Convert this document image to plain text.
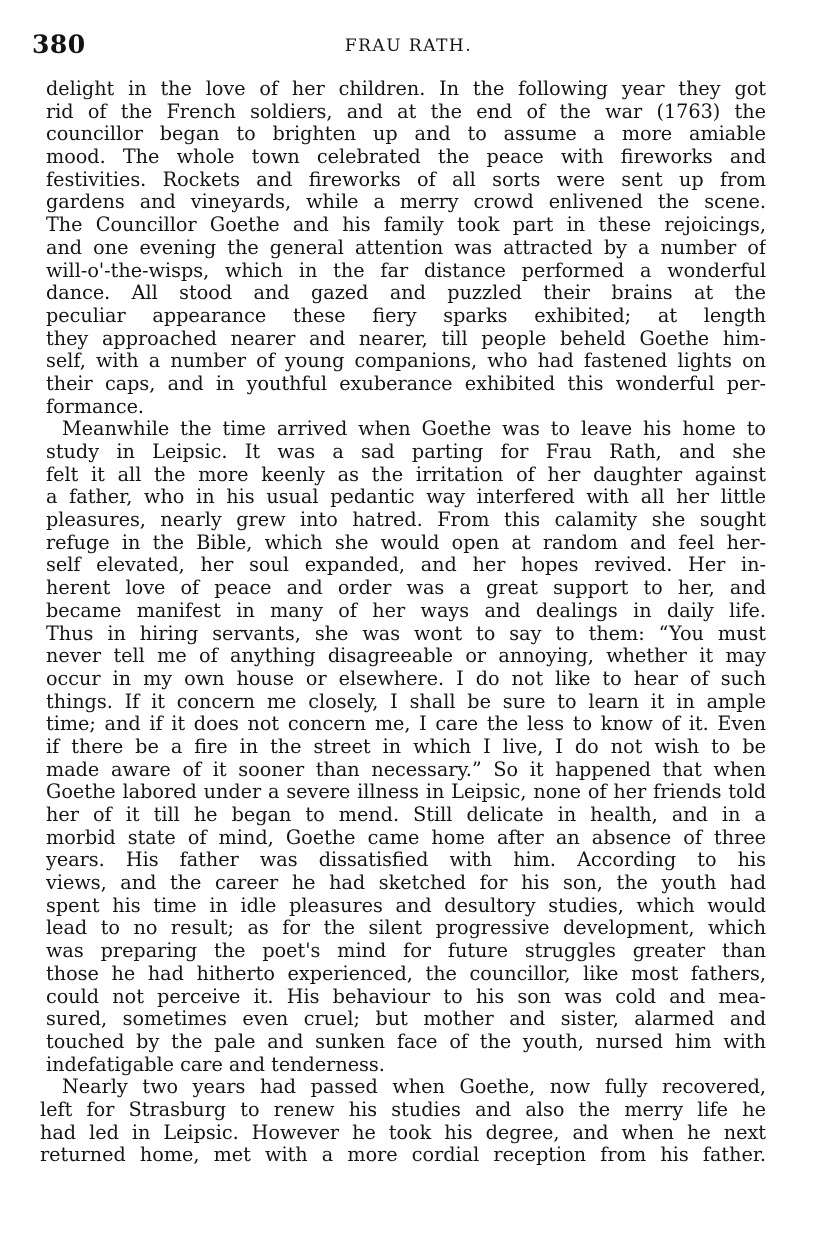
380	FRAU RATH.
delight in the love of her children. In the following year they got
rid of the French soldiers, and at the end of the war (1763) the
councillor began to brighten up and to assume a more amiable
mood. The whole town celebrated the peace with fireworks and
festivities. Rockets and fireworks of all sorts were sent up from
gardens and vineyards, while a merry crowd enlivened the scene.
The Councillor Goethe and his family took part in these rejoicings,
and one evening the general attention was attracted by a number of
will-o'-the-wisps, which in the far distance performed a wonderful
dance. All stood and gazed and puzzled their brains at the
peculiar appearance these fiery sparks exhibited; at length
they approached nearer and nearer, till people beheld Goethe him-
self, with a number of young companions, who had fastened lights on
their caps, and in youthful exuberance exhibited this wonderful per-
formance.
Meanwhile the time arrived when Goethe was to leave his home to
study in Leipsic. It was a sad parting for Frau Rath, and she
felt it all the more keenly as the irritation of her daughter against
a father, who in his usual pedantic way interfered with all her little
pleasures, nearly grew into hatred. From this calamity she sought
refuge in the Bible, which she would open at random and feel her-
self elevated, her soul expanded, and her hopes revived. Her in-
herent love of peace and order was a great support to her, and
became manifest in many of her ways and dealings in daily life.
Thus in hiring servants, she was wont to say to them: “You must
never tell me of anything disagreeable or annoying, whether it may
occur in my own house or elsewhere. I do not like to hear of such
things. If it concern me closely, I shall be sure to learn it in ample
time; and if it does not concern me, I care the less to know of it. Even
if there be a fire in the street in which I live, I do not wish to be
made aware of it sooner than necessary.” So it happened that when
Goethe labored under a severe illness in Leipsic, none of her friends told
her of it till he began to mend. Still delicate in health, and in a
morbid state of mind, Goethe came home after an absence of three
years. His father was dissatisfied with him. According to his
views, and the career he had sketched for his son, the youth had
spent his time in idle pleasures and desultory studies, which would
lead to no result; as for the silent progressive development, which
was preparing the poet's mind for future struggles greater than
those he had hitherto experienced, the councillor, like most fathers,
could not perceive it. His behaviour to his son was cold and mea-
sured, sometimes even cruel; but mother and sister, alarmed and
touched by the pale and sunken face of the youth, nursed him with
indefatigable care and tenderness.
Nearly two years had passed when Goethe, now fully recovered,
left for Strasburg to renew his studies and also the merry life he
had led in Leipsic. However he took his degree, and when he next
returned home, met with a more cordial reception from his father.
